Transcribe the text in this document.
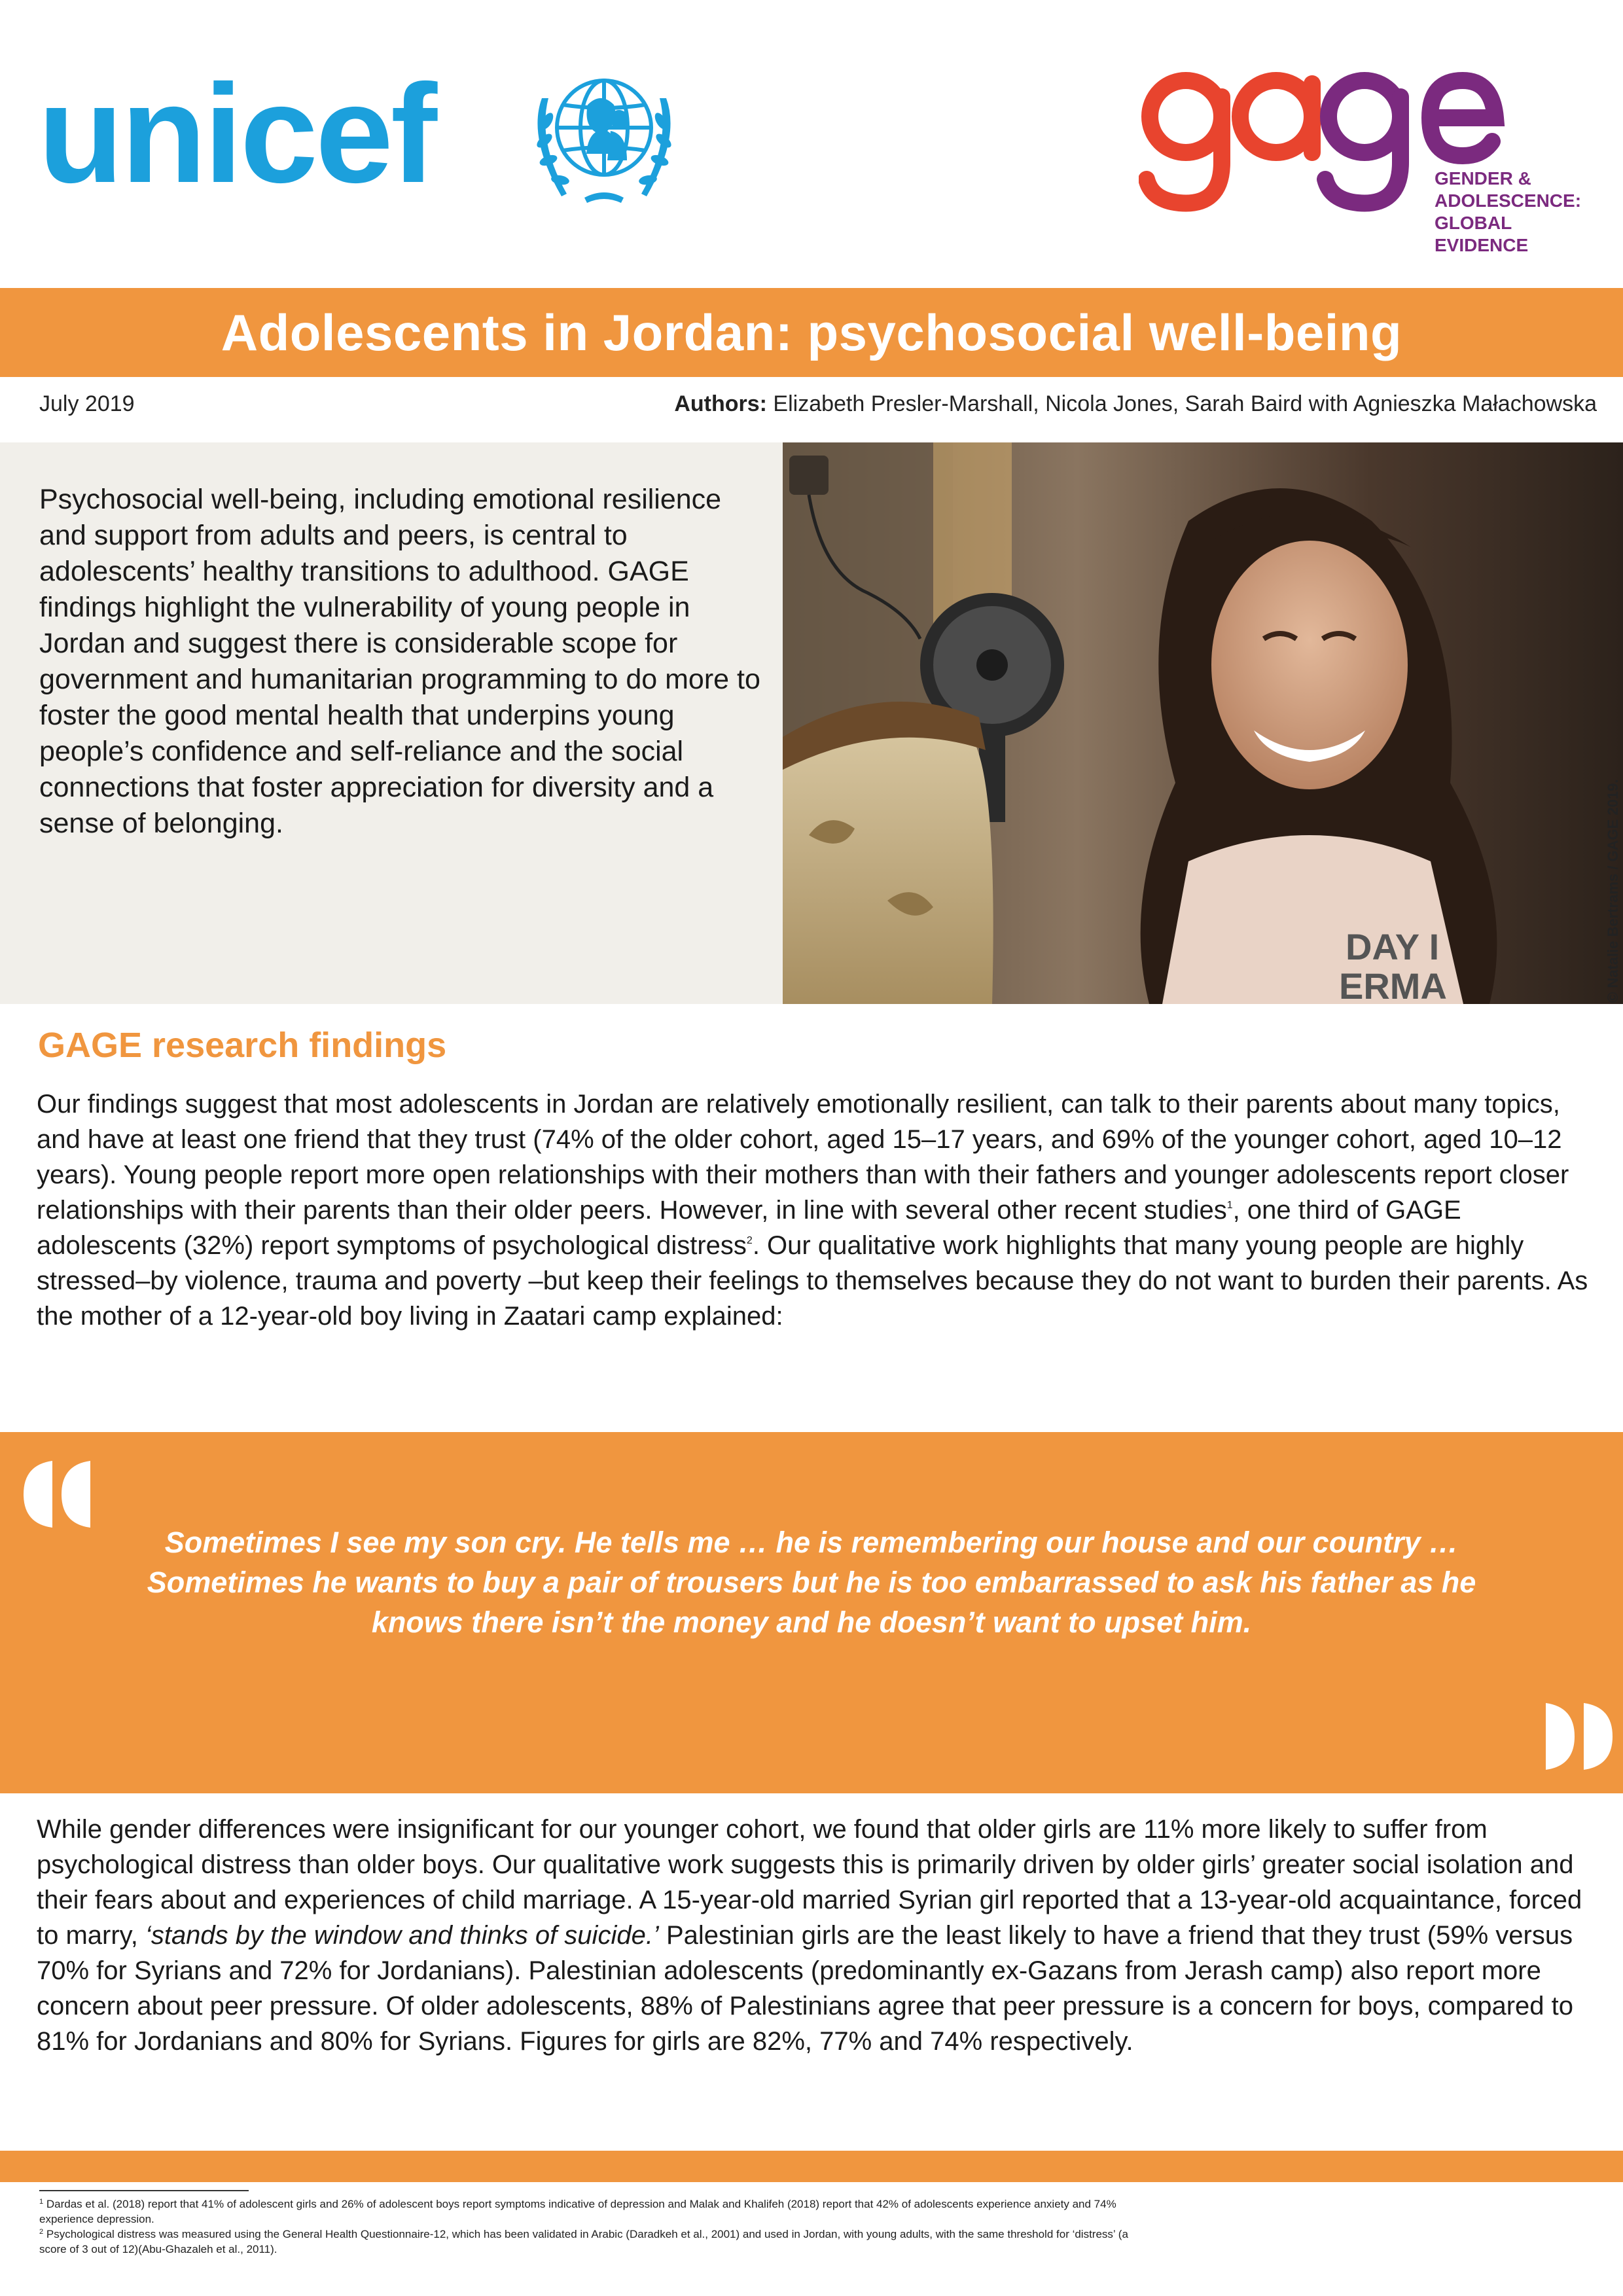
unicef	gage
GENDER &
ADOLESCENCE:
GLOBAL
EVIDENCE
Adolescents in Jordan: psychosocial well-being
July 2019	Authors: Elizabeth Presler-Marshall, Nicola Jones, Sarah Baird with Agnieszka Małachowska
Psychosocial well-being, including emotional resilience and support from adults and peers, is central to adolescents’ healthy transitions to adulthood. GAGE findings highlight the vulnerability of young people in Jordan and suggest there is considerable scope for government and humanitarian programming to do more to foster the good mental health that underpins young people’s confidence and self-reliance and the social connections that foster appreciation for diversity and a sense of belonging.
DAY I
ERMA	© Natalie Bertrams / GAGE 2019.
GAGE research findings
Our findings suggest that most adolescents in Jordan are relatively emotionally resilient, can talk to their parents about many topics, and have at least one friend that they trust (74% of the older cohort, aged 15–17 years, and 69% of the younger cohort, aged 10–12 years). Young people report more open relationships with their mothers than with their fathers and younger adolescents report closer relationships with their parents than their older peers. However, in line with several other recent studies$^1$, one third of GAGE adolescents (32%) report symptoms of psychological distress$^2$. Our qualitative work highlights that many young people are highly stressed–by violence, trauma and poverty –but keep their feelings to themselves because they do not want to burden their parents. As the mother of a 12-year-old boy living in Zaatari camp explained:
Sometimes I see my son cry. He tells me … he is remembering our house and our country … Sometimes he wants to buy a pair of trousers but he is too embarrassed to ask his father as he knows there isn’t the money and he doesn’t want to upset him.
While gender differences were insignificant for our younger cohort, we found that older girls are 11% more likely to suffer from psychological distress than older boys. Our qualitative work suggests this is primarily driven by older girls’ greater social isolation and their fears about and experiences of child marriage. A 15-year-old married Syrian girl reported that a 13-year-old acquaintance, forced to marry, ‘stands by the window and thinks of suicide.’ Palestinian girls are the least likely to have a friend that they trust (59% versus 70% for Syrians and 72% for Jordanians). Palestinian adolescents (predominantly ex-Gazans from Jerash camp) also report more concern about peer pressure. Of older adolescents, 88% of Palestinians agree that peer pressure is a concern for boys, compared to 81% for Jordanians and 80% for Syrians. Figures for girls are 82%, 77% and 74% respectively.
$^1$ Dardas et al. (2018) report that 41% of adolescent girls and 26% of adolescent boys report symptoms indicative of depression and Malak and Khalifeh (2018) report that 42% of adolescents experience anxiety and 74% experience depression.
$^2$ Psychological distress was measured using the General Health Questionnaire-12, which has been validated in Arabic (Daradkeh et al., 2001) and used in Jordan, with young adults, with the same threshold for ‘distress’ (a score of 3 out of 12)(Abu-Ghazaleh et al., 2011).
